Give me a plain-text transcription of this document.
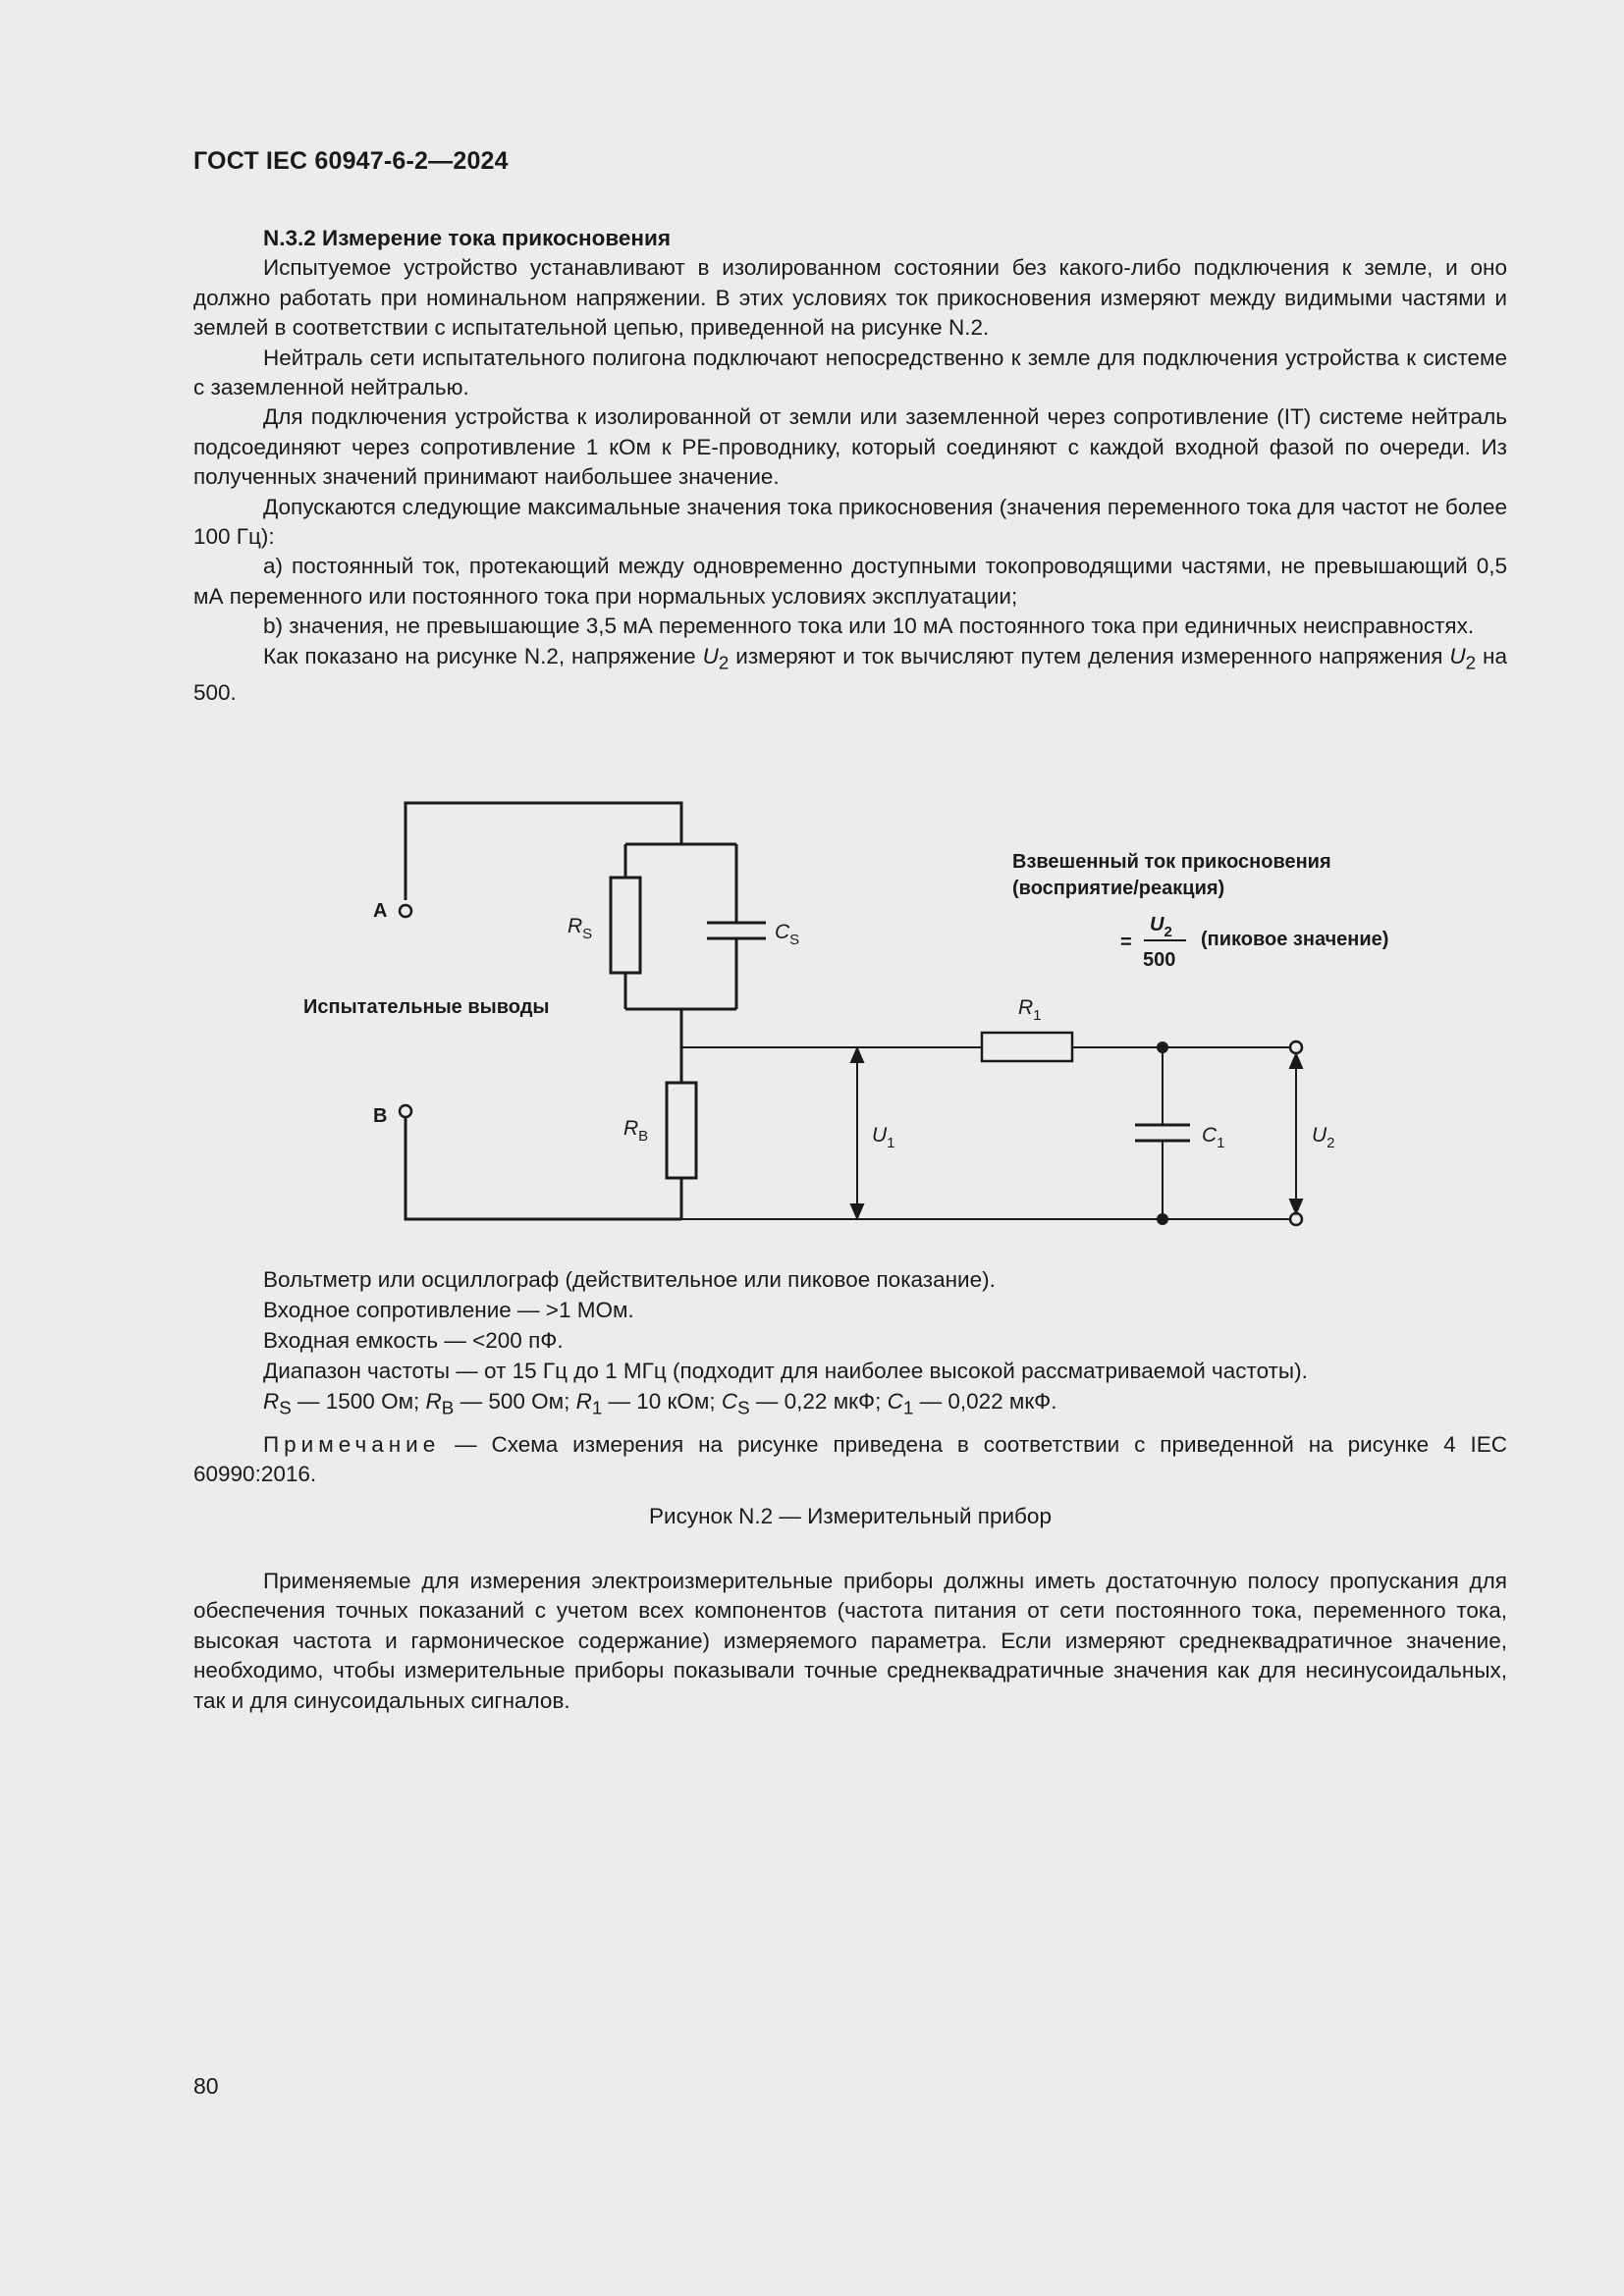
ГОСТ IEC 60947-6-2—2024

N.3.2 Измерение тока прикосновения

Испытуемое устройство устанавливают в изолированном состоянии без какого-либо подключения к земле, и оно должно работать при номинальном напряжении. В этих условиях ток прикосновения измеряют между видимыми частями и землей в соответствии с испытательной цепью, приведенной на рисунке N.2.

Нейтраль сети испытательного полигона подключают непосредственно к земле для подключения устройства к системе с заземленной нейтралью.

Для подключения устройства к изолированной от земли или заземленной через сопротивление (IT) системе нейтраль подсоединяют через сопротивление 1 кОм к PE-проводнику, который соединяют с каждой входной фазой по очереди. Из полученных значений принимают наибольшее значение.

Допускаются следующие максимальные значения тока прикосновения (значения переменного тока для частот не более 100 Гц):

a) постоянный ток, протекающий между одновременно доступными токопроводящими частями, не превышающий 0,5 мА переменного или постоянного тока при нормальных условиях эксплуатации;

b) значения, не превышающие 3,5 мА переменного тока или 10 мА постоянного тока при единичных неисправностях.

Как показано на рисунке N.2, напряжение $U_2$ измеряют и ток вычисляют путем деления измеренного напряжения $U_2$ на 500.

A
B
Испытательные выводы
$R_S$	$C_S$
$R_B$
$R_1$
$C_1$
$U_1$	$U_2$
Взвешенный ток прикосновения
(восприятие/реакция)
=
$U_2$
500
(пиковое значение)
Вольтметр или осциллограф (действительное или пиковое показание).
Входное сопротивление — >1 МОм.
Входная емкость — <200 пФ.
Диапазон частоты — от 15 Гц до 1 МГц (подходит для наиболее высокой рассматриваемой частоты).
$R_S$ — 1500 Ом; $R_B$ — 500 Ом; $R_1$ — 10 кОм; $C_S$ — 0,22 мкФ; $C_1$ — 0,022 мкФ.
Примечание — Схема измерения на рисунке приведена в соответствии с приведенной на рисунке 4 IEC 60990:2016.
Рисунок N.2 — Измерительный прибор
Применяемые для измерения электроизмерительные приборы должны иметь достаточную полосу пропускания для обеспечения точных показаний с учетом всех компонентов (частота питания от сети постоянного тока, переменного тока, высокая частота и гармоническое содержание) измеряемого параметра. Если измеряют среднеквадратичное значение, необходимо, чтобы измерительные приборы показывали точные среднеквадратичные значения как для несинусоидальных, так и для синусоидальных сигналов.
80
